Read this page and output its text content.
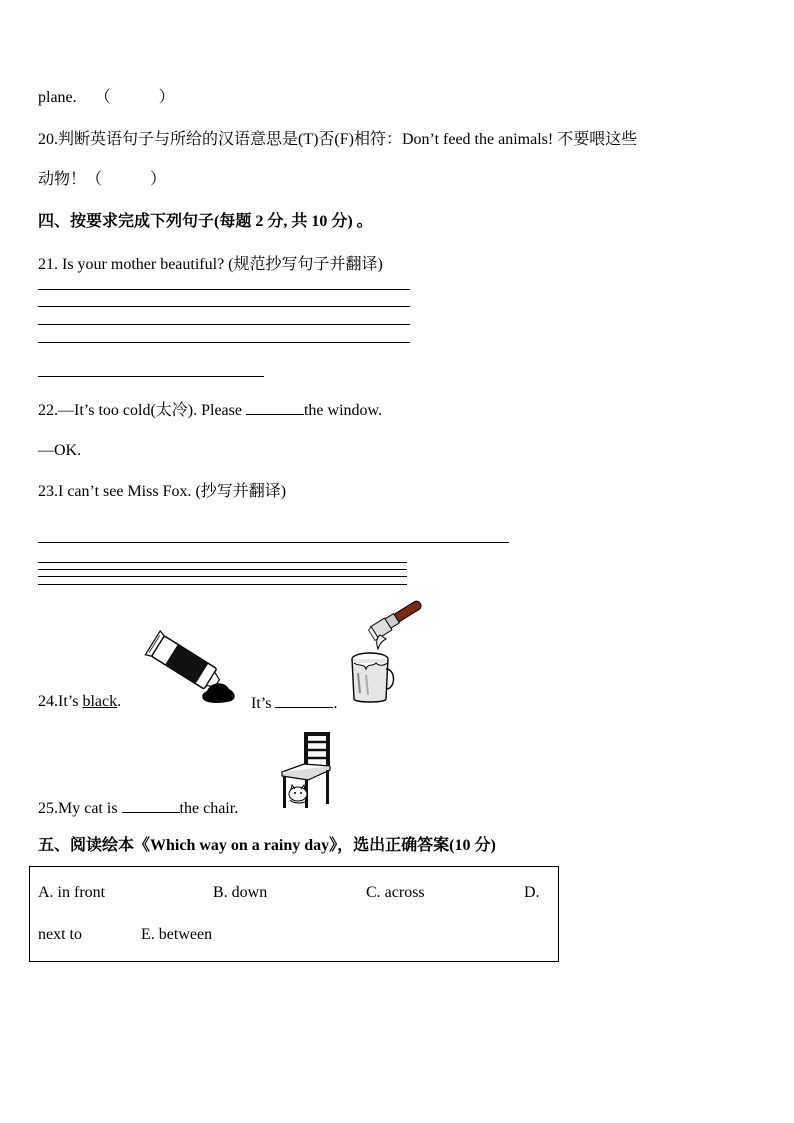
plane. （ ）
20.判断英语句子与所给的汉语意思是(T)否(F)相符：Don’t feed the animals! 不要喂这些
动物！（ ）
四、按要求完成下列句子(每题 2 分, 共 10 分) 。
21. Is your mother beautiful? (规范抄写句子并翻译)
22.—It’s too cold(太冷). Please	the window.
—OK.
23.I can’t see Miss Fox. (抄写并翻译)
24.It’s black.	It’s	.
25.My cat is	the chair.
五、阅读绘本《Which way on a rainy day》，选出正确答案(10 分)
A. in front	B. down	C. across	D.
next to	E. between
